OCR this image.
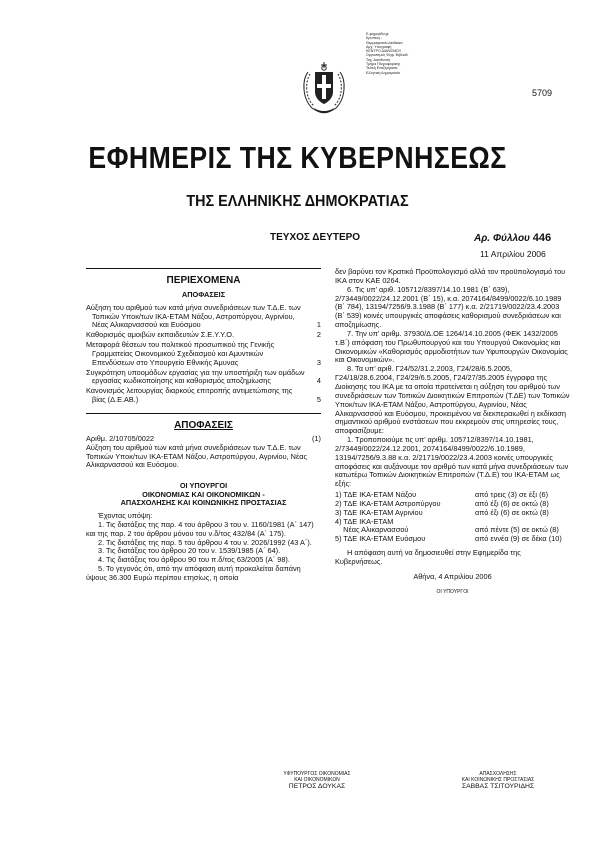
Ε-φημερίδα.gr
Κρυπτογ.:
Θερμοκρασία Διαδικασ.
Αρχ. Υπογραφή
ΚΕΝΤΡΟ ΔΙΑΝ/ΣΜΟΥ
Οργανισμός Ψηφ. Βιβλιοθ.
Ταχ. Διεύθυνση
Τμήμα Πληροφορικής
Τελική Επεξεργασία
Ελληνική Δημοκρατία
5709
ΕΦΗΜΕΡΙΣ ΤΗΣ ΚΥΒΕΡΝΗΣΕΩΣ
ΤΗΣ ΕΛΛΗΝΙΚΗΣ ΔΗΜΟΚΡΑΤΙΑΣ
ΤΕΥΧΟΣ ΔΕΥΤΕΡΟ	Αρ. Φύλλου 446
11 Απριλίου 2006
ΠΕΡΙΕΧΟΜΕΝΑ
ΑΠΟΦΑΣΕΙΣ
Αύξηση του αριθμού των κατά μήνα συνεδριάσεων των Τ.Δ.Ε. των Τοπικών Υποκ/των ΙΚΑ-ΕΤΑΜ Νάξου, Αστροπύργου, Αγρινίου, Νέας Αλικαρνασσού και Ευόσμου	1
Καθορισμός αμοιβών εκπαιδευτών Σ.Ε.Υ.Υ.Ο.	2
Μεταφορά θέσεων του πολιτικού προσωπικού της Γενικής Γραμματείας Οικονομικού Σχεδιασμού και Αμυντικών Επενδύσεων στο Υπουργείο Εθνικής Άμυνας	3
Συγκρότηση υποομάδων εργασίας για την υποστήριξη των ομάδων εργασίας κωδικοποίησης και καθορισμός αποζημίωσης	4
Κανονισμός λειτουργίας διαρκούς επιτροπής αντιμετώπισης της βίας (Δ.Ε.ΑΒ.)	5
ΑΠΟΦΑΣΕΙΣ
Αριθμ. 2/10705/0022	(1)

Αύξηση του αριθμού των κατά μήνα συνεδριάσεων των Τ.Δ.Ε. των Τοπικών Υποκ/των ΙΚΑ-ΕΤΑΜ Νάξου, Αστροπύργου, Αγρινίου, Νέας Αλικαρνασσού και Ευόσμου.

ΟΙ ΥΠΟΥΡΓΟΙ
ΟΙΚΟΝΟΜΙΑΣ ΚΑΙ ΟΙΚΟΝΟΜΙΚΩΝ -
ΑΠΑΣΧΟΛΗΣΗΣ ΚΑΙ ΚΟΙΝΩΝΙΚΗΣ ΠΡΟΣΤΑΣΙΑΣ

Έχοντας υπόψη:

1. Τις διατάξεις της παρ. 4 του άρθρου 3 του ν. 1160/1981 (Α΄ 147) και της παρ. 2 του άρθρου μόνου του ν.δ/τος 432/84 (Α΄ 175).

2. Τις διατάξεις της παρ. 5 του άρθρου 4 του ν. 2026/1992 (43 Α΄).

3. Τις διατάξεις του άρθρου 20 του ν. 1539/1985 (Α΄ 64).

4. Τις διατάξεις του άρθρου 90 του π.δ/τος 63/2005 (Α΄ 98).

5. Το γεγονός ότι, από την απόφαση αυτή προκαλείται δαπάνη ύψους 36.300 Ευρώ περίπου ετησίως, η οποία

δεν βαρύνει τον Κρατικό Προϋπολογισμό αλλά τον προϋπολογισμό του ΙΚΑ στον ΚΑΕ 0264.

6. Τις υπ’ αριθ. 105712/8397/14.10.1981 (Β΄ 639), 2/73449/0022/24.12.2001 (Β΄ 15), κ.α. 2074164/8499/0022/6.10.1989 (Β΄ 784), 13194/7256/9.3.1988 (Β΄ 177) κ.α. 2/21719/0022/23.4.2003 (Β΄ 539) κοινές υπουργικές αποφάσεις καθορισμού συνεδριάσεων και αποζημίωσης.

7. Την υπ’ αριθμ. 37930/Δ.ΟΕ 1264/14.10.2005 (ΦΕΚ 1432/2005 τ.Β΄) απόφαση του Πρωθυπουργού και του Υπουργού Οικονομίας και Οικονομικών «Καθορισμός αρμοδιοτήτων των Υφυπουργών Οικονομίας και Οικονομικών».

8. Τα υπ’ αριθ. Γ24/52/31.2.2003, Γ24/28/6.5.2005, Γ24/18/28.6.2004, Γ24/29/6.5.2005, Γ24/27/35.2005 έγγραφα της Διοίκησης του ΙΚΑ με τα οποία προτείνεται η αύξηση του αριθμού των συνεδριάσεων των Τοπικών Διοικητικών Επιτροπών (Τ.ΔΕ) των Τοπικών Υποκ/των ΙΚΑ-ΕΤΑΜ Νάξου, Αστροπύργου, Αγρινίου, Νέας Αλικαρνασσού και Ευόσμου, προκειμένου να διεκπεραιωθεί η εκδίκαση σημαντικού αριθμού ενστάσεων που εκκρεμούν στις υπηρεσίες τους, αποφασίζουμε:

1. Τροποποιούμε τις υπ’ αριθμ. 105712/8397/14.10.1981, 2/73449/0022/24.12.2001, 2074164/8499/0022/6.10.1989, 13194/7256/9.3.88 κ.α. 2/21719/0022/23.4.2003 κοινές υπουργικές αποφάσεις και αυξάνουμε τον αριθμό των κατά μήνα συνεδριάσεων των κατωτέρω Τοπικών Διοικητικών Επιτροπών (Τ.Δ.Ε) του ΙΚΑ-ΕΤΑΜ ως εξής:

1) ΤΔΕ ΙΚΑ-ΕΤΑΜ Νάξου	από τρεις (3) σε έξι (6)
2) ΤΔΕ ΙΚΑ-ΕΤΑΜ Αστροπύργου	από έξι (6) σε οκτώ (8)
3) ΤΔΕ ΙΚΑ-ΕΤΑΜ Αγρινίου	από έξι (6) σε οκτώ (8)
4) ΤΔΕ ΙΚΑ-ΕΤΑΜ
Νέας Αλικαρνασσού	από πέντε (5) σε οκτώ (8)
5) ΤΔΕ ΙΚΑ-ΕΤΑΜ Ευόσμου	από εννέα (9) σε δέκα (10)

Η απόφαση αυτή να δημοσιευθεί στην Εφημερίδα της Κυβερνήσεως.

Αθήνα, 4 Απριλίου 2006

ΟΙ ΥΠΟΥΡΓΟΙ

ΥΦΥΠΟΥΡΓΟΣ ΟΙΚΟΝΟΜΙΑΣ
ΚΑΙ ΟΙΚΟΝΟΜΙΚΩΝ
ΠΕΤΡΟΣ ΔΟΥΚΑΣ
ΑΠΑΣΧΟΛΗΣΗΣ
ΚΑΙ ΚΟΙΝΩΝΙΚΗΣ ΠΡΟΣΤΑΣΙΑΣ
ΣΑΒΒΑΣ ΤΣΙΤΟΥΡΙΔΗΣ
